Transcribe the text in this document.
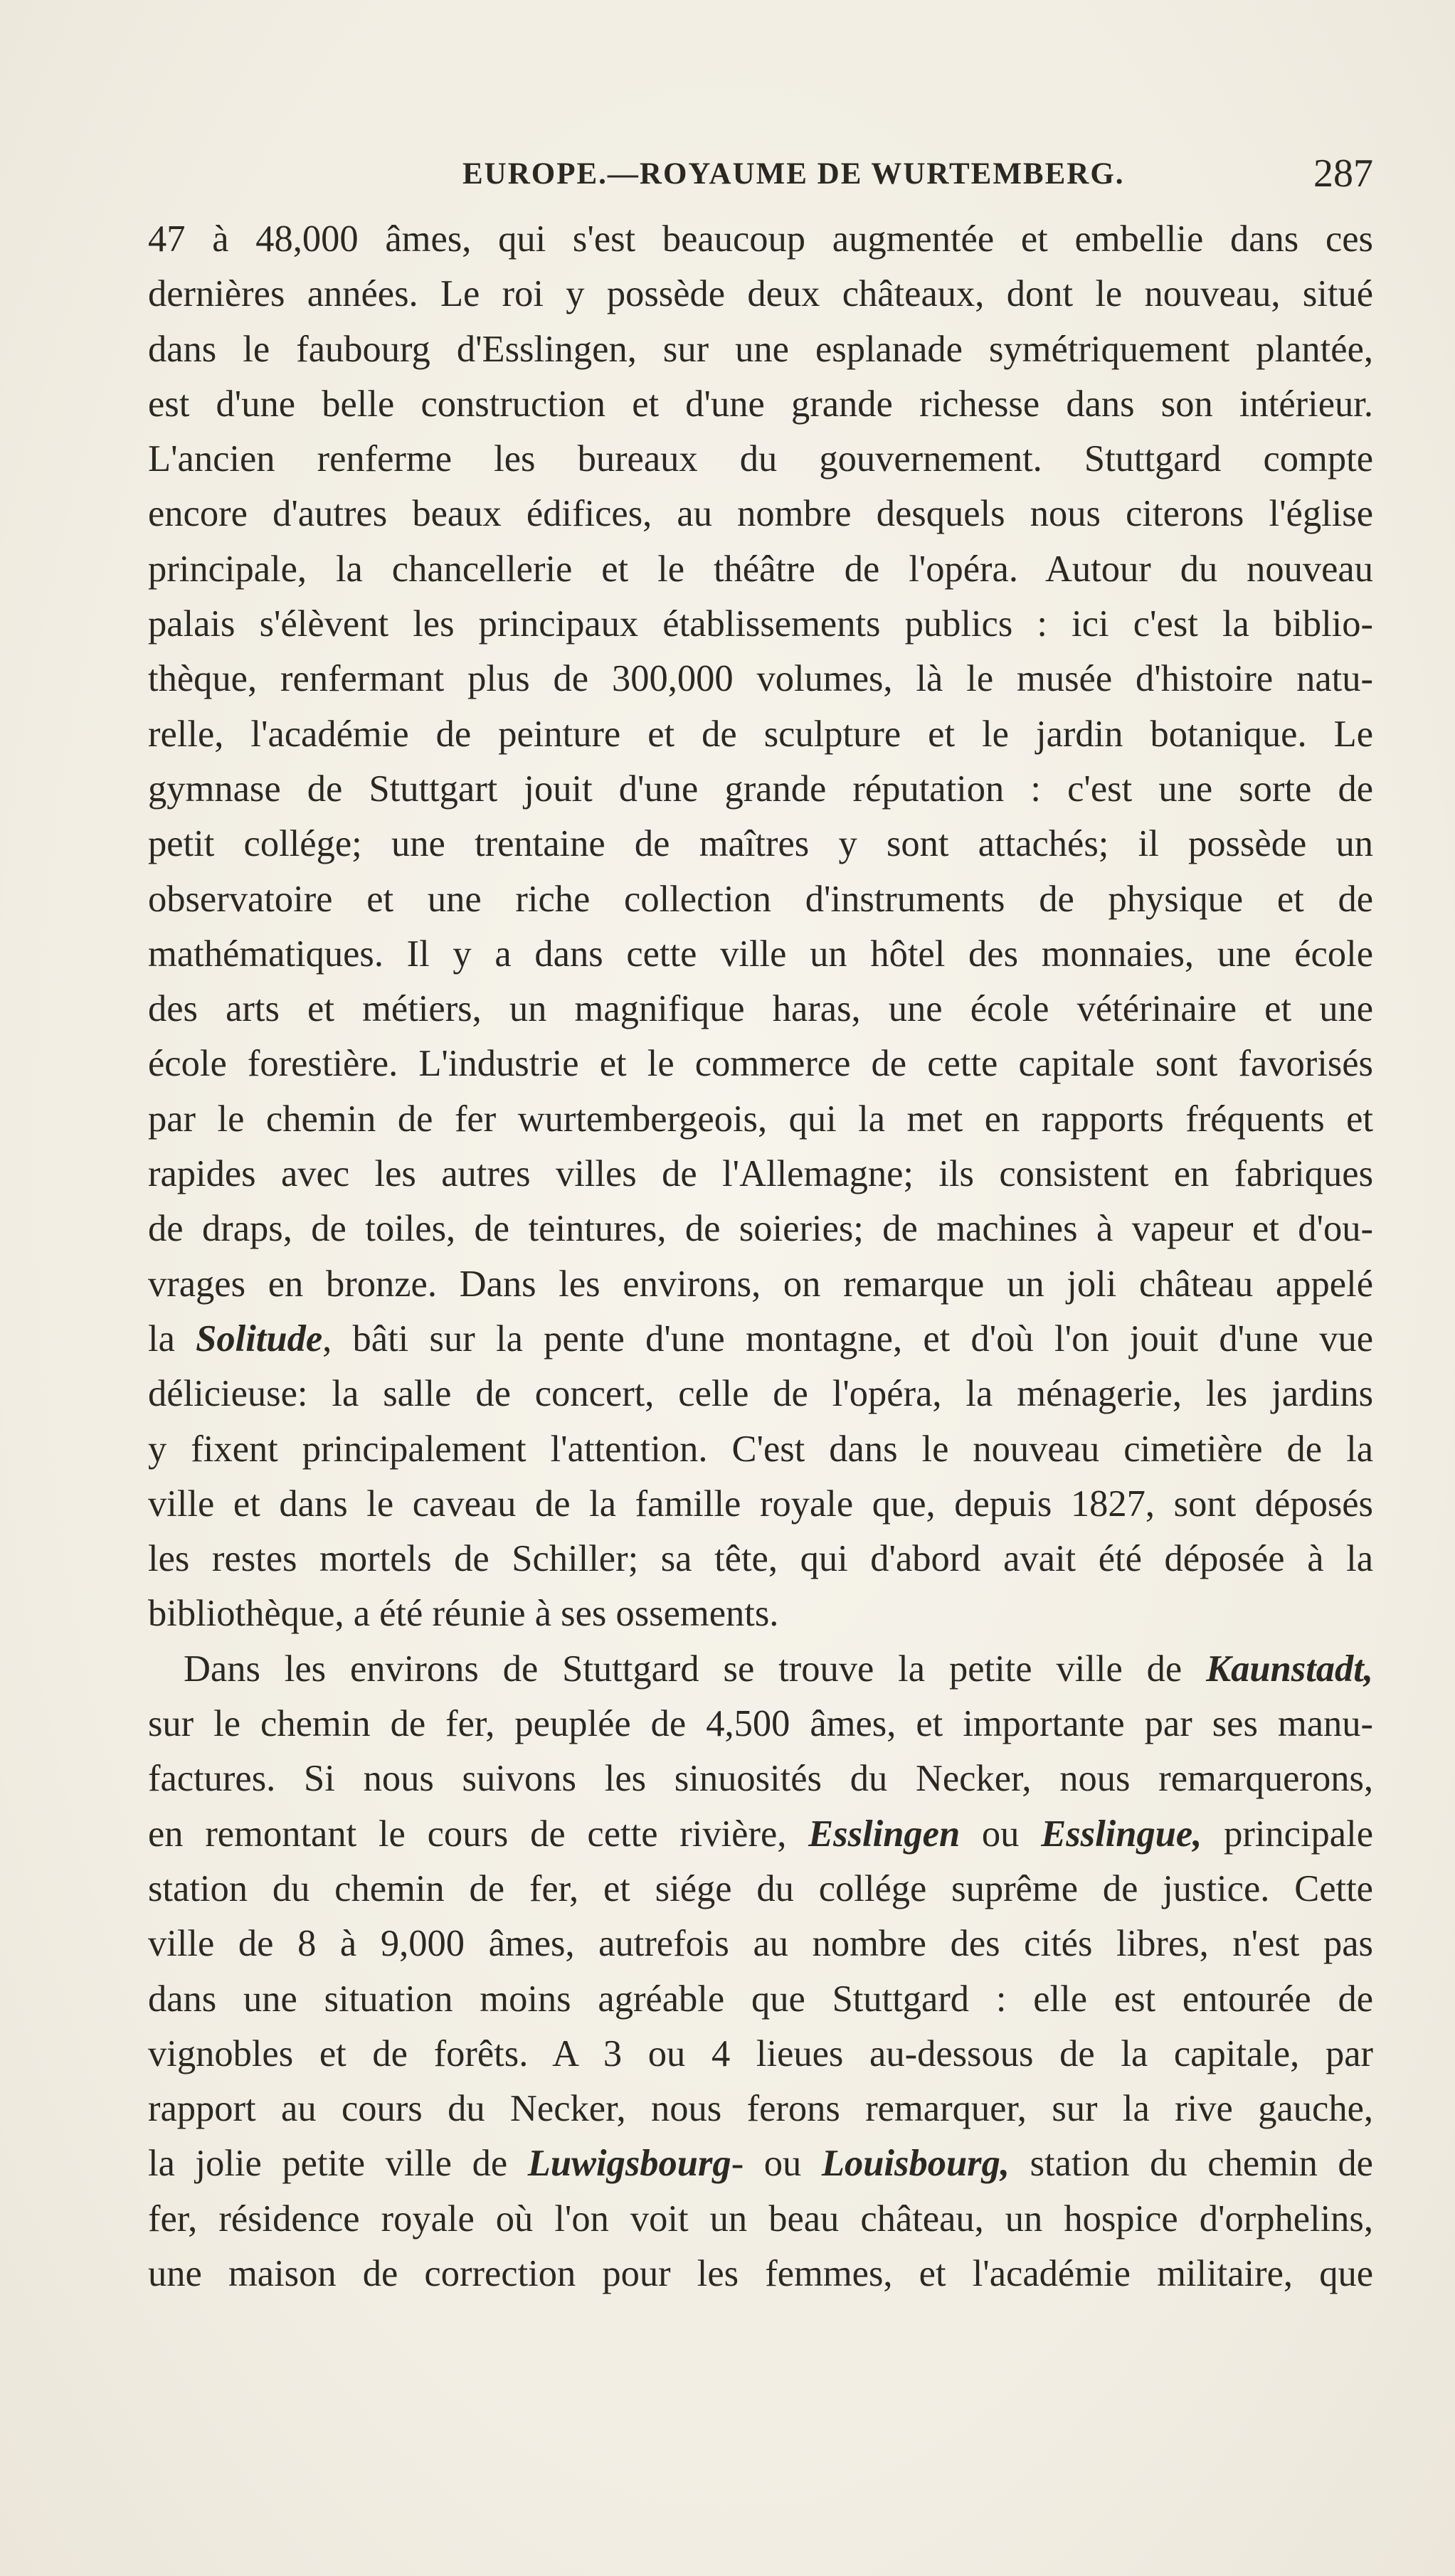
EUROPE.—ROYAUME DE WURTEMBERG.	287
47 à 48,000 âmes, qui s'est beaucoup augmentée et embellie dans ces
dernières années. Le roi y possède deux châteaux, dont le nouveau, situé
dans le faubourg d'Esslingen, sur une esplanade symétriquement plantée,
est d'une belle construction et d'une grande richesse dans son intérieur.
L'ancien renferme les bureaux du gouvernement. Stuttgard compte
encore d'autres beaux édifices, au nombre desquels nous citerons l'église
principale, la chancellerie et le théâtre de l'opéra. Autour du nouveau
palais s'élèvent les principaux établissements publics : ici c'est la biblio-
thèque, renfermant plus de 300,000 volumes, là le musée d'histoire natu-
relle, l'académie de peinture et de sculpture et le jardin botanique. Le
gymnase de Stuttgart jouit d'une grande réputation : c'est une sorte de
petit collége; une trentaine de maîtres y sont attachés; il possède un
observatoire et une riche collection d'instruments de physique et de
mathématiques. Il y a dans cette ville un hôtel des monnaies, une école
des arts et métiers, un magnifique haras, une école vétérinaire et une
école forestière. L'industrie et le commerce de cette capitale sont favorisés
par le chemin de fer wurtembergeois, qui la met en rapports fréquents et
rapides avec les autres villes de l'Allemagne; ils consistent en fabriques
de draps, de toiles, de teintures, de soieries; de machines à vapeur et d'ou-
vrages en bronze. Dans les environs, on remarque un joli château appelé
la Solitude, bâti sur la pente d'une montagne, et d'où l'on jouit d'une vue
délicieuse: la salle de concert, celle de l'opéra, la ménagerie, les jardins
y fixent principalement l'attention. C'est dans le nouveau cimetière de la
ville et dans le caveau de la famille royale que, depuis 1827, sont déposés
les restes mortels de Schiller; sa tête, qui d'abord avait été déposée à la
bibliothèque, a été réunie à ses ossements.
Dans les environs de Stuttgard se trouve la petite ville de Kaunstadt,
sur le chemin de fer, peuplée de 4,500 âmes, et importante par ses manu-
factures. Si nous suivons les sinuosités du Necker, nous remarquerons,
en remontant le cours de cette rivière, Esslingen ou Esslingue, principale
station du chemin de fer, et siége du collége suprême de justice. Cette
ville de 8 à 9,000 âmes, autrefois au nombre des cités libres, n'est pas
dans une situation moins agréable que Stuttgard : elle est entourée de
vignobles et de forêts. A 3 ou 4 lieues au-dessous de la capitale, par
rapport au cours du Necker, nous ferons remarquer, sur la rive gauche,
la jolie petite ville de Luwigsbourg- ou Louisbourg, station du chemin de
fer, résidence royale où l'on voit un beau château, un hospice d'orphelins,
une maison de correction pour les femmes, et l'académie militaire, que
